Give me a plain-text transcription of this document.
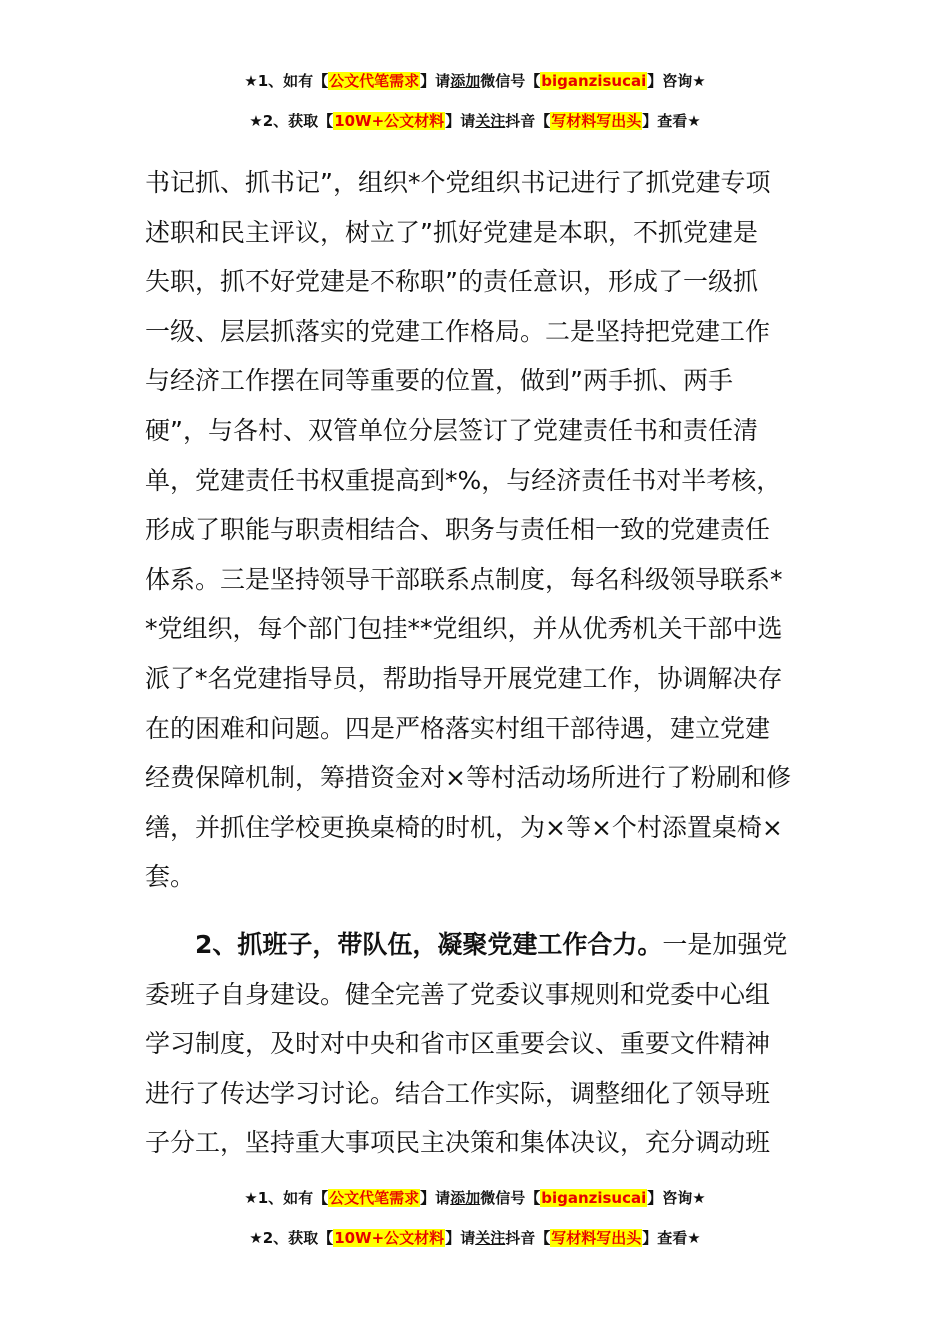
★1、如有【公文代笔需求】请添加微信号【biganzisucai】咨询★
★2、获取【10W+公文材料】请关注抖音【写材料写出头】查看★
书记抓、抓书记”，组织*个党组织书记进行了抓党建专项
述职和民主评议，树立了”抓好党建是本职，不抓党建是
失职，抓不好党建是不称职”的责任意识，形成了一级抓
一级、层层抓落实的党建工作格局。二是坚持把党建工作
与经济工作摆在同等重要的位置，做到”两手抓、两手
硬”，与各村、双管单位分层签订了党建责任书和责任清
单，党建责任书权重提高到*%，与经济责任书对半考核，
形成了职能与职责相结合、职务与责任相一致的党建责任
体系。三是坚持领导干部联系点制度，每名科级领导联系*
*党组织，每个部门包挂**党组织，并从优秀机关干部中选
派了*名党建指导员，帮助指导开展党建工作，协调解决存
在的困难和问题。四是严格落实村组干部待遇，建立党建
经费保障机制，筹措资金对×等村活动场所进行了粉刷和修
缮，并抓住学校更换桌椅的时机，为×等×个村添置桌椅×
套。
2、抓班子，带队伍，凝聚党建工作合力。一是加强党
委班子自身建设。健全完善了党委议事规则和党委中心组
学习制度，及时对中央和省市区重要会议、重要文件精神
进行了传达学习讨论。结合工作实际，调整细化了领导班
子分工，坚持重大事项民主决策和集体决议，充分调动班
★1、如有【公文代笔需求】请添加微信号【biganzisucai】咨询★
★2、获取【10W+公文材料】请关注抖音【写材料写出头】查看★
